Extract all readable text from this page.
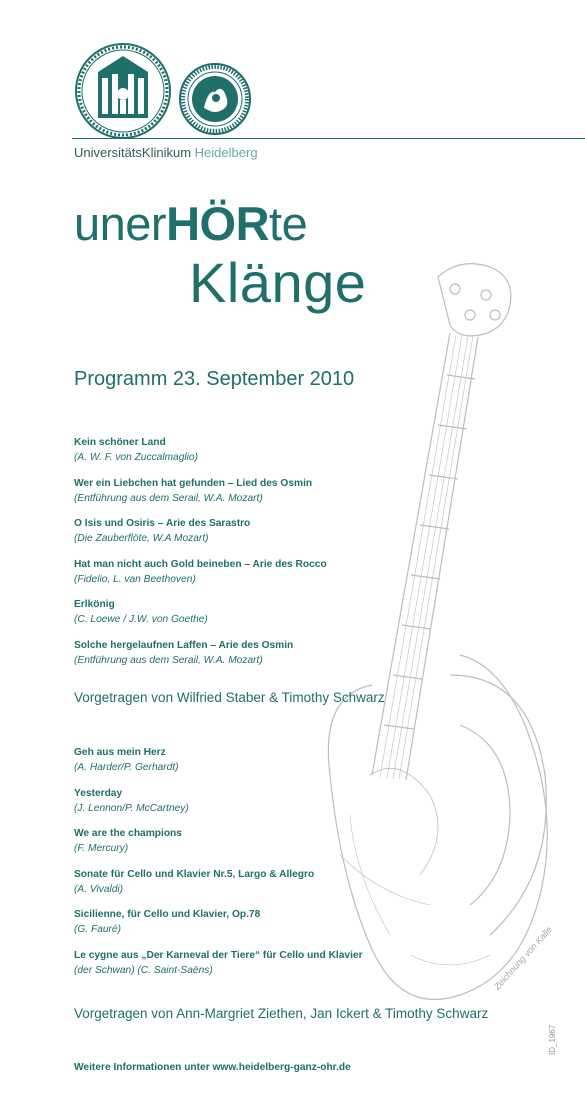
UniversitätsKlinikum Heidelberg
unerHÖRte
Klänge
Programm 23. September 2010
Kein schöner Land
(A. W. F. von Zuccalmaglio)
Wer ein Liebchen hat gefunden – Lied des Osmin
(Entführung aus dem Serail, W.A. Mozart)
O Isis und Osiris – Arie des Sarastro
(Die Zauberflöte, W.A Mozart)
Hat man nicht auch Gold beineben – Arie des Rocco
(Fidelio, L. van Beethoven)
Erlkönig
(C. Loewe / J.W. von Goethe)
Solche hergelaufnen Laffen – Arie des Osmin
(Entführung aus dem Serail, W.A. Mozart)
Vorgetragen von Wilfried Staber & Timothy Schwarz
Geh aus mein Herz
(A. Harder/P. Gerhardt)
Yesterday
(J. Lennon/P. McCartney)
We are the champions
(F. Mercury)
Sonate für Cello und Klavier Nr.5, Largo & Allegro
(A. Vivaldi)
Sicilienne, für Cello und Klavier, Op.78
(G. Fauré)
Le cygne aus „Der Karneval der Tiere“ für Cello und Klavier
(der Schwan) (C. Saint-Saëns)
Vorgetragen von Ann-Margriet Ziethen, Jan Ickert & Timothy Schwarz
Weitere Informationen unter www.heidelberg-ganz-ohr.de
Zeichnung von Kalle
ID_1967
